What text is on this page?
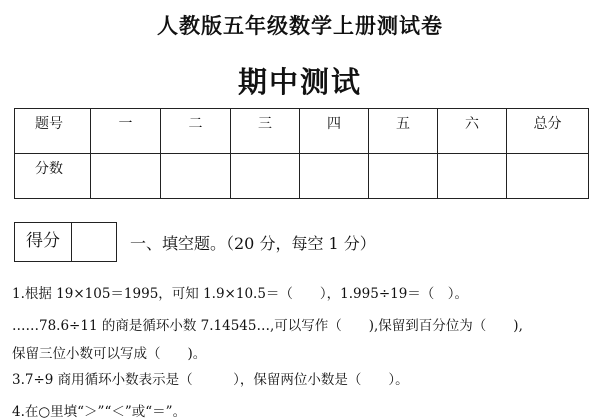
人教版五年级数学上册测试卷
期中测试
题号	一	二	三	四	五	六	总分
分数							
得分	一、填空题。（20 分，每空 1 分）
1.根据 19×105＝1995，可知 1.9×10.5＝（　　），1.995÷19＝（　）。
……78.6÷11 的商是循环小数 7.14545…,可以写作（　　),保留到百分位为（　　),
保留三位小数可以写成（　　)。
3.7÷9 商用循环小数表示是（　　　），保留两位小数是（　　）。
4.在○里填“＞”“＜”或“＝”。
